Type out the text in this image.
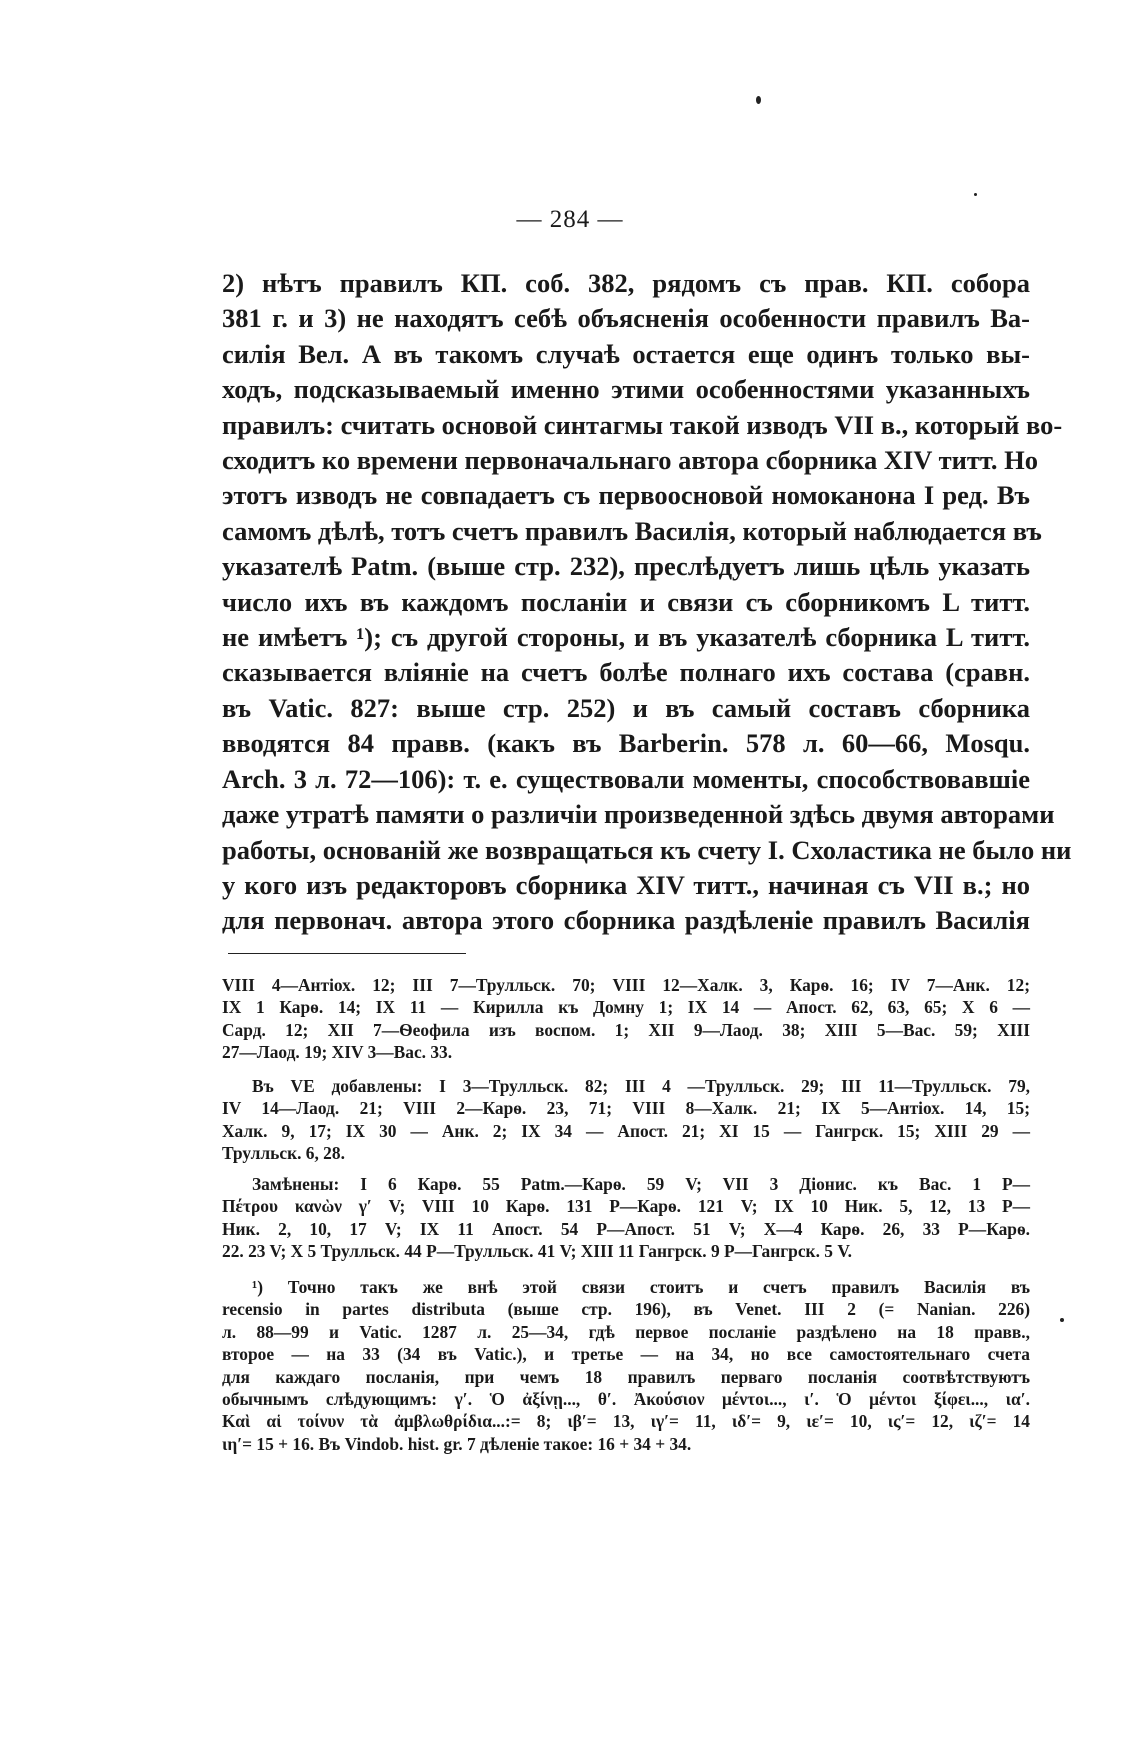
— 284 —
2) нѣтъ правилъ КП. соб. 382, рядомъ съ прав. КП. собора
381 г. и 3) не находятъ себѣ объясненія особенности правилъ Ва-
силія Вел. А въ такомъ случаѣ остается еще одинъ только вы-
ходъ, подсказываемый именно этими особенностями указанныхъ
правилъ: считать основой синтагмы такой изводъ VII в., который во-
сходитъ ко времени первоначальнаго автора сборника XIV титт. Но
этотъ изводъ не совпадаетъ съ первоосновой номоканона I ред. Въ
самомъ дѣлѣ, тотъ счетъ правилъ Василія, который наблюдается въ
указателѣ Patm. (выше стр. 232), преслѣдуетъ лишь цѣль указать
число ихъ въ каждомъ посланіи и связи съ сборникомъ L титт.
не имѣетъ ¹); съ другой стороны, и въ указателѣ сборника L титт.
сказывается вліяніе на счетъ болѣе полнаго ихъ состава (сравн.
въ Vatic. 827: выше стр. 252) и въ самый составъ сборника
вводятся 84 правв. (какъ въ Barberin. 578 л. 60—66, Mosqu.
Arch. 3 л. 72—106): т. е. существовали моменты, способствовавшіе
даже утратѣ памяти о различіи произведенной здѣсь двумя авторами
работы, основаній же возвращаться къ счету I. Схоластика не было ни
у кого изъ редакторовъ сборника XIV титт., начиная съ VII в.; но
для первонач. автора этого сборника раздѣленіе правилъ Василія
VIII 4—Антіох. 12; III 7—Трулльск. 70; VIII 12—Халк. 3, Карѳ. 16; IV 7—Анк. 12;
IX 1 Карѳ. 14; IX 11 — Кирилла къ Домну 1; IX 14 — Апост. 62, 63, 65; X 6 —
Сард. 12; XII 7—Ѳеофила изъ воспом. 1; XII 9—Лаод. 38; XIII 5—Вас. 59; XIII
27—Лаод. 19; XIV 3—Вас. 33.
Въ VE добавлены: I 3—Трулльск. 82; III 4 —Трулльск. 29; III 11—Трулльск. 79,
IV 14—Лаод. 21; VIII 2—Карѳ. 23, 71; VIII 8—Халк. 21; IX 5—Антіох. 14, 15;
Халк. 9, 17; IX 30 — Анк. 2; IX 34 — Апост. 21; XI 15 — Гангрск. 15; XIII 29 —
Трулльск. 6, 28.
Замѣнены: I 6 Карѳ. 55 Patm.—Карѳ. 59 V; VII 3 Діонис. къ Вас. 1 P—
Πέτρου κανὼν γ′ V; VIII 10 Карѳ. 131 P—Карѳ. 121 V; IX 10 Ник. 5, 12, 13 P—
Ник. 2, 10, 17 V; IX 11 Апост. 54 P—Апост. 51 V; X—4 Карѳ. 26, 33 P—Карѳ.
22. 23 V; X 5 Трулльск. 44 P—Трулльск. 41 V; XIII 11 Гангрск. 9 P—Гангрск. 5 V.
¹) Точно такъ же внѣ этой связи стоитъ и счетъ правилъ Василія въ
recensio in partes distributa (выше стр. 196), въ Venet. III 2 (= Nanian. 226)
л. 88—99 и Vatic. 1287 л. 25—34, гдѣ первое посланіе раздѣлено на 18 правв.,
второе — на 33 (34 въ Vatic.), и третье — на 34, но все самостоятельнаго счета
для каждаго посланія, при чемъ 18 правилъ перваго посланія соотвѣтствуютъ
обычнымъ слѣдующимъ: γ′. Ὁ ἀξίνῃ..., θ′. Ἀκούσιον μέντοι..., ι′. Ὁ μέντοι ξίφει..., ια′.
Καὶ αἱ τοίνυν τὰ ἀμβλωθρίδια...:= 8; ιβ′= 13, ιγ′= 11, ιδ′= 9, ιε′= 10, ις′= 12, ιζ′= 14
ιη′= 15 + 16. Въ Vindob. hist. gr. 7 дѣленіе такое: 16 + 34 + 34.
